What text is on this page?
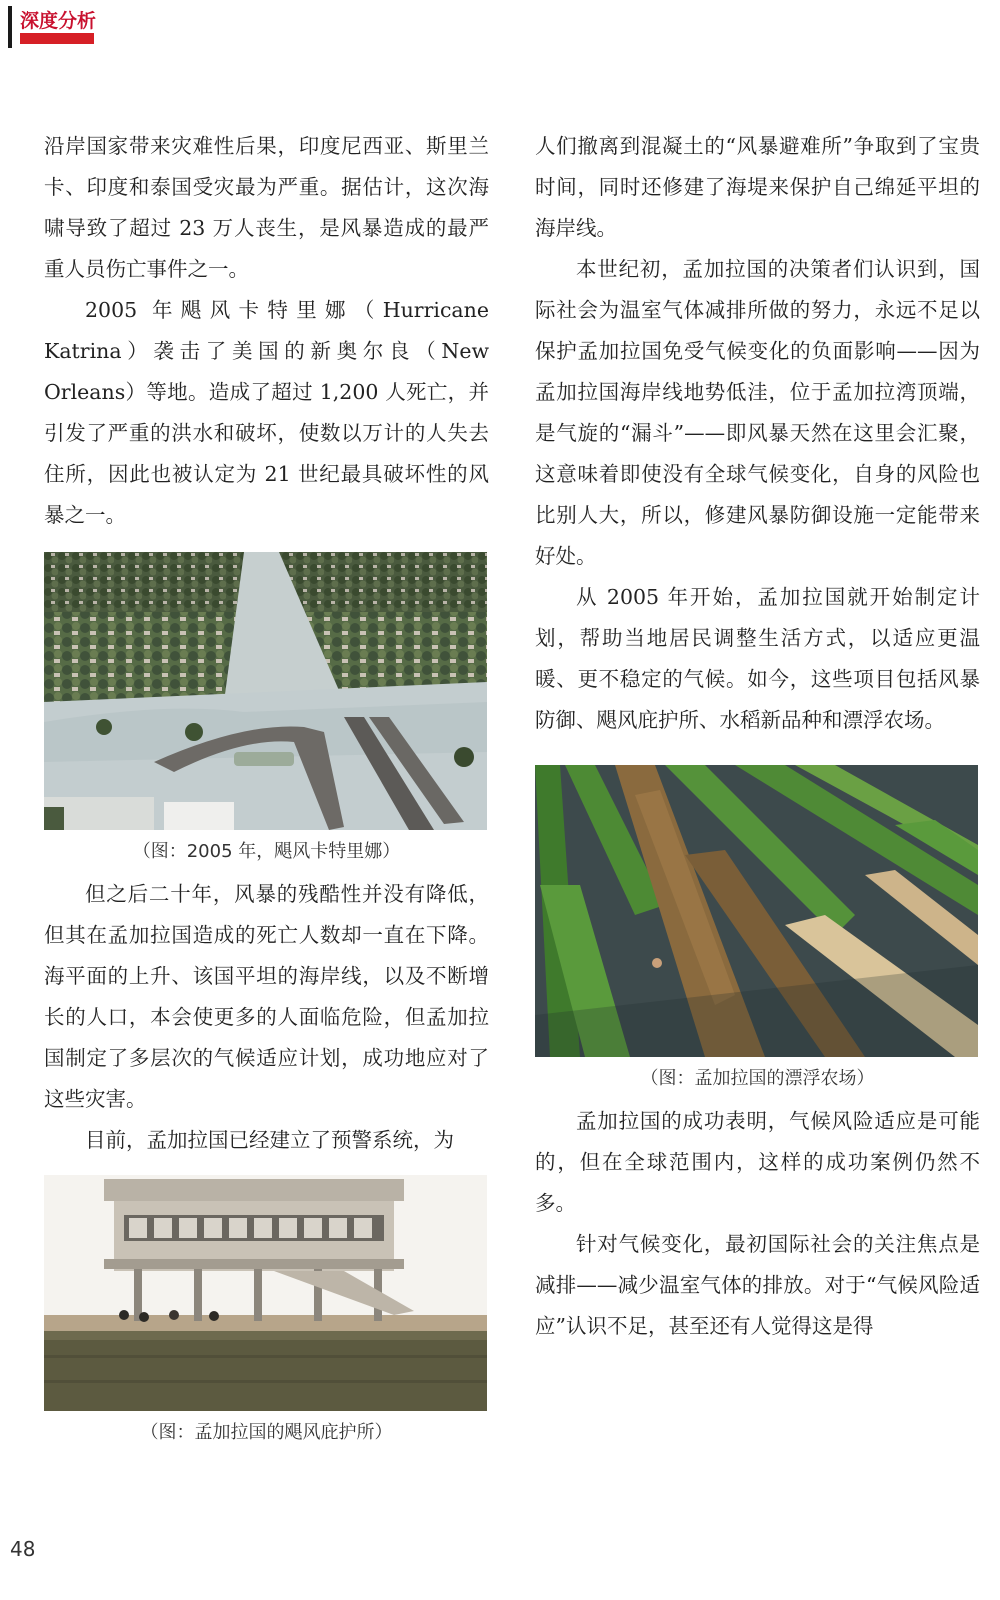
深度分析

沿岸国家带来灾难性后果，印度尼西亚、斯里兰卡、印度和泰国受灾最为严重。据估计，这次海啸导致了超过 23 万人丧生，是风暴造成的最严重人员伤亡事件之一。

2005 年飓风卡特里娜（Hurricane Katrina）袭击了美国的新奥尔良（New Orleans）等地。造成了超过 1,200 人死亡，并引发了严重的洪水和破坏，使数以万计的人失去住所，因此也被认定为 21 世纪最具破坏性的风暴之一。

（图：2005 年，飓风卡特里娜）

但之后二十年，风暴的残酷性并没有降低，但其在孟加拉国造成的死亡人数却一直在下降。海平面的上升、该国平坦的海岸线，以及不断增长的人口，本会使更多的人面临危险，但孟加拉国制定了多层次的气候适应计划，成功地应对了这些灾害。

目前，孟加拉国已经建立了预警系统，为

（图：孟加拉国的飓风庇护所）

人们撤离到混凝土的“风暴避难所”争取到了宝贵时间，同时还修建了海堤来保护自己绵延平坦的海岸线。

本世纪初，孟加拉国的决策者们认识到，国际社会为温室气体减排所做的努力，永远不足以保护孟加拉国免受气候变化的负面影响——因为孟加拉国海岸线地势低洼，位于孟加拉湾顶端，是气旋的“漏斗”——即风暴天然在这里会汇聚，这意味着即使没有全球气候变化，自身的风险也比别人大，所以，修建风暴防御设施一定能带来好处。

从 2005 年开始，孟加拉国就开始制定计划，帮助当地居民调整生活方式，以适应更温暖、更不稳定的气候。如今，这些项目包括风暴防御、飓风庇护所、水稻新品种和漂浮农场。

（图：孟加拉国的漂浮农场）

孟加拉国的成功表明，气候风险适应是可能的，但在全球范围内，这样的成功案例仍然不多。

针对气候变化，最初国际社会的关注焦点是减排——减少温室气体的排放。对于“气候风险适应”认识不足，甚至还有人觉得这是得

48
